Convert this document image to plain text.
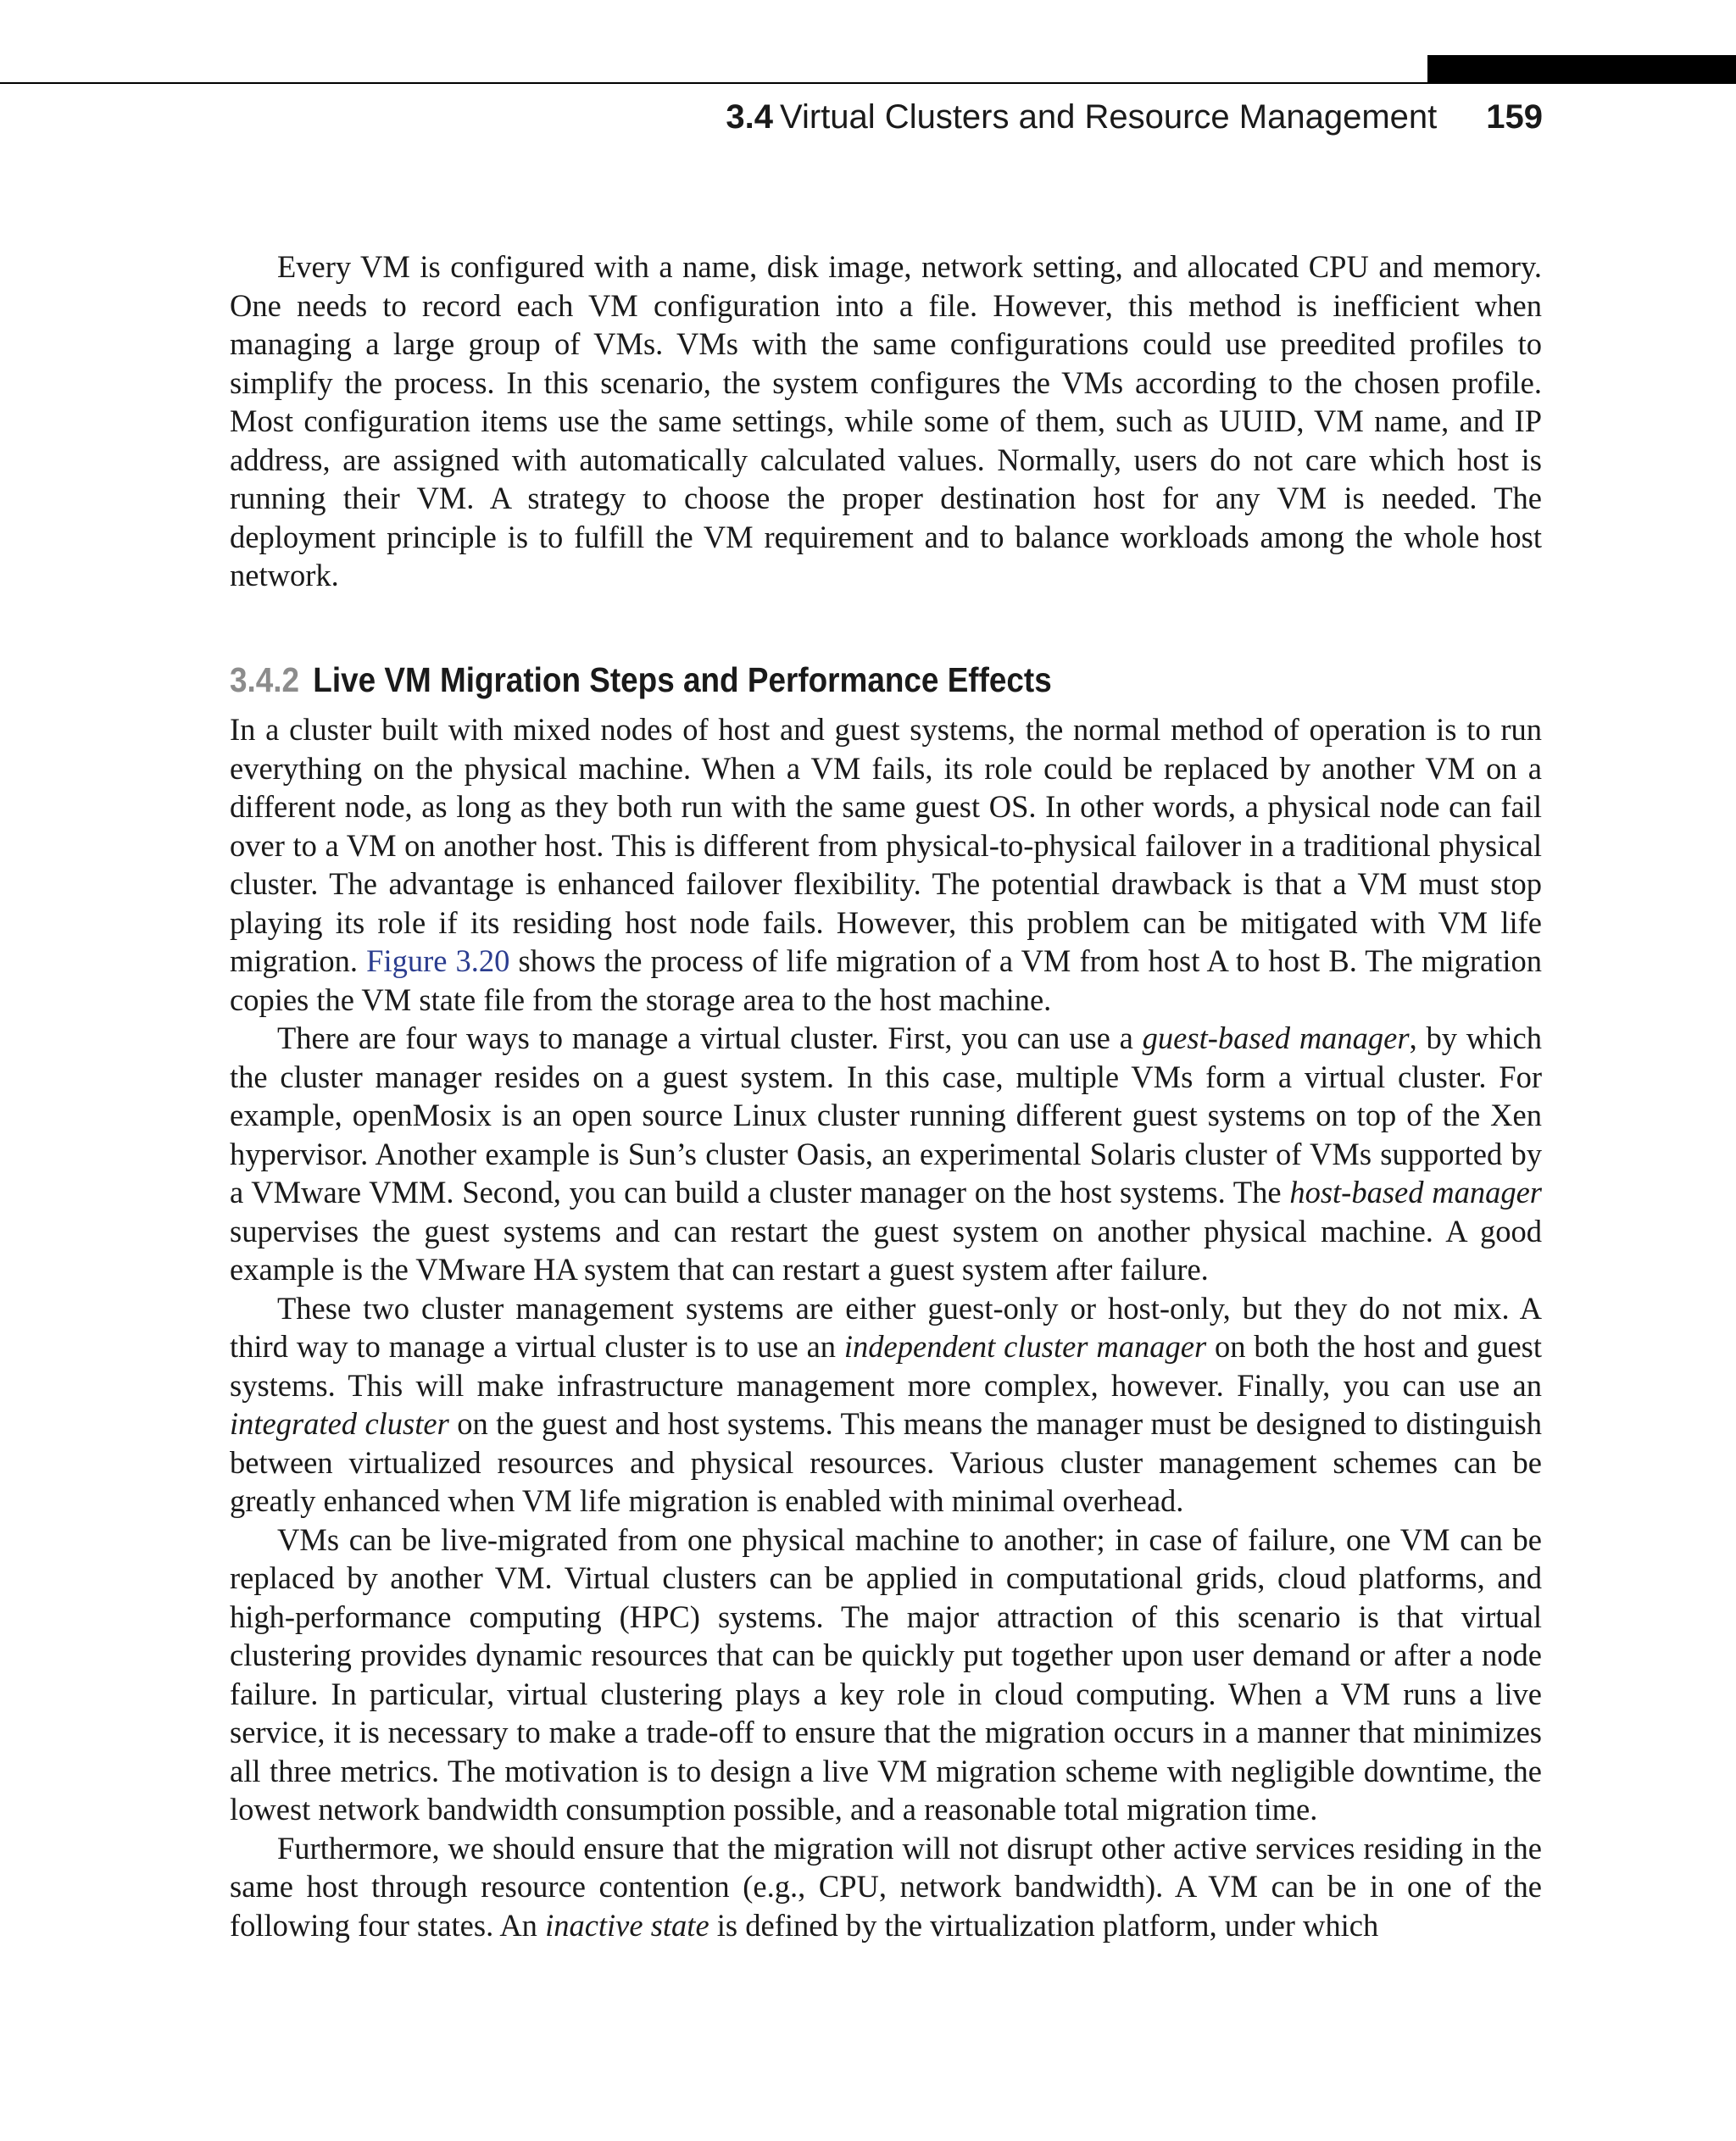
3.4 Virtual Clusters and Resource Management 159

Every VM is configured with a name, disk image, network setting, and allocated CPU and memory. One needs to record each VM configuration into a file. However, this method is inefficient when managing a large group of VMs. VMs with the same configurations could use preedited profiles to simplify the process. In this scenario, the system configures the VMs according to the chosen profile. Most configuration items use the same settings, while some of them, such as UUID, VM name, and IP address, are assigned with automatically calculated values. Normally, users do not care which host is running their VM. A strategy to choose the proper destination host for any VM is needed. The deployment principle is to fulfill the VM requirement and to balance workloads among the whole host network.

3.4.2 Live VM Migration Steps and Performance Effects

In a cluster built with mixed nodes of host and guest systems, the normal method of operation is to run everything on the physical machine. When a VM fails, its role could be replaced by another VM on a different node, as long as they both run with the same guest OS. In other words, a physical node can fail over to a VM on another host. This is different from physical-to-physical failover in a traditional physical cluster. The advantage is enhanced failover flexibility. The potential drawback is that a VM must stop playing its role if its residing host node fails. However, this problem can be mitigated with VM life migration. Figure 3.20 shows the process of life migration of a VM from host A to host B. The migration copies the VM state file from the storage area to the host machine.

There are four ways to manage a virtual cluster. First, you can use a guest-based manager, by which the cluster manager resides on a guest system. In this case, multiple VMs form a virtual cluster. For example, openMosix is an open source Linux cluster running different guest systems on top of the Xen hypervisor. Another example is Sun’s cluster Oasis, an experimental Solaris cluster of VMs supported by a VMware VMM. Second, you can build a cluster manager on the host systems. The host-based manager supervises the guest systems and can restart the guest system on another physical machine. A good example is the VMware HA system that can restart a guest system after failure.

These two cluster management systems are either guest-only or host-only, but they do not mix. A third way to manage a virtual cluster is to use an independent cluster manager on both the host and guest systems. This will make infrastructure management more complex, however. Finally, you can use an integrated cluster on the guest and host systems. This means the manager must be designed to distinguish between virtualized resources and physical resources. Various cluster management schemes can be greatly enhanced when VM life migration is enabled with minimal overhead.

VMs can be live-migrated from one physical machine to another; in case of failure, one VM can be replaced by another VM. Virtual clusters can be applied in computational grids, cloud platforms, and high-performance computing (HPC) systems. The major attraction of this scenario is that virtual clustering provides dynamic resources that can be quickly put together upon user demand or after a node failure. In particular, virtual clustering plays a key role in cloud computing. When a VM runs a live service, it is necessary to make a trade-off to ensure that the migration occurs in a manner that minimizes all three metrics. The motivation is to design a live VM migration scheme with negligible downtime, the lowest network bandwidth consumption possible, and a reasonable total migration time.

Furthermore, we should ensure that the migration will not disrupt other active services residing in the same host through resource contention (e.g., CPU, network bandwidth). A VM can be in one of the following four states. An inactive state is defined by the virtualization platform, under which
